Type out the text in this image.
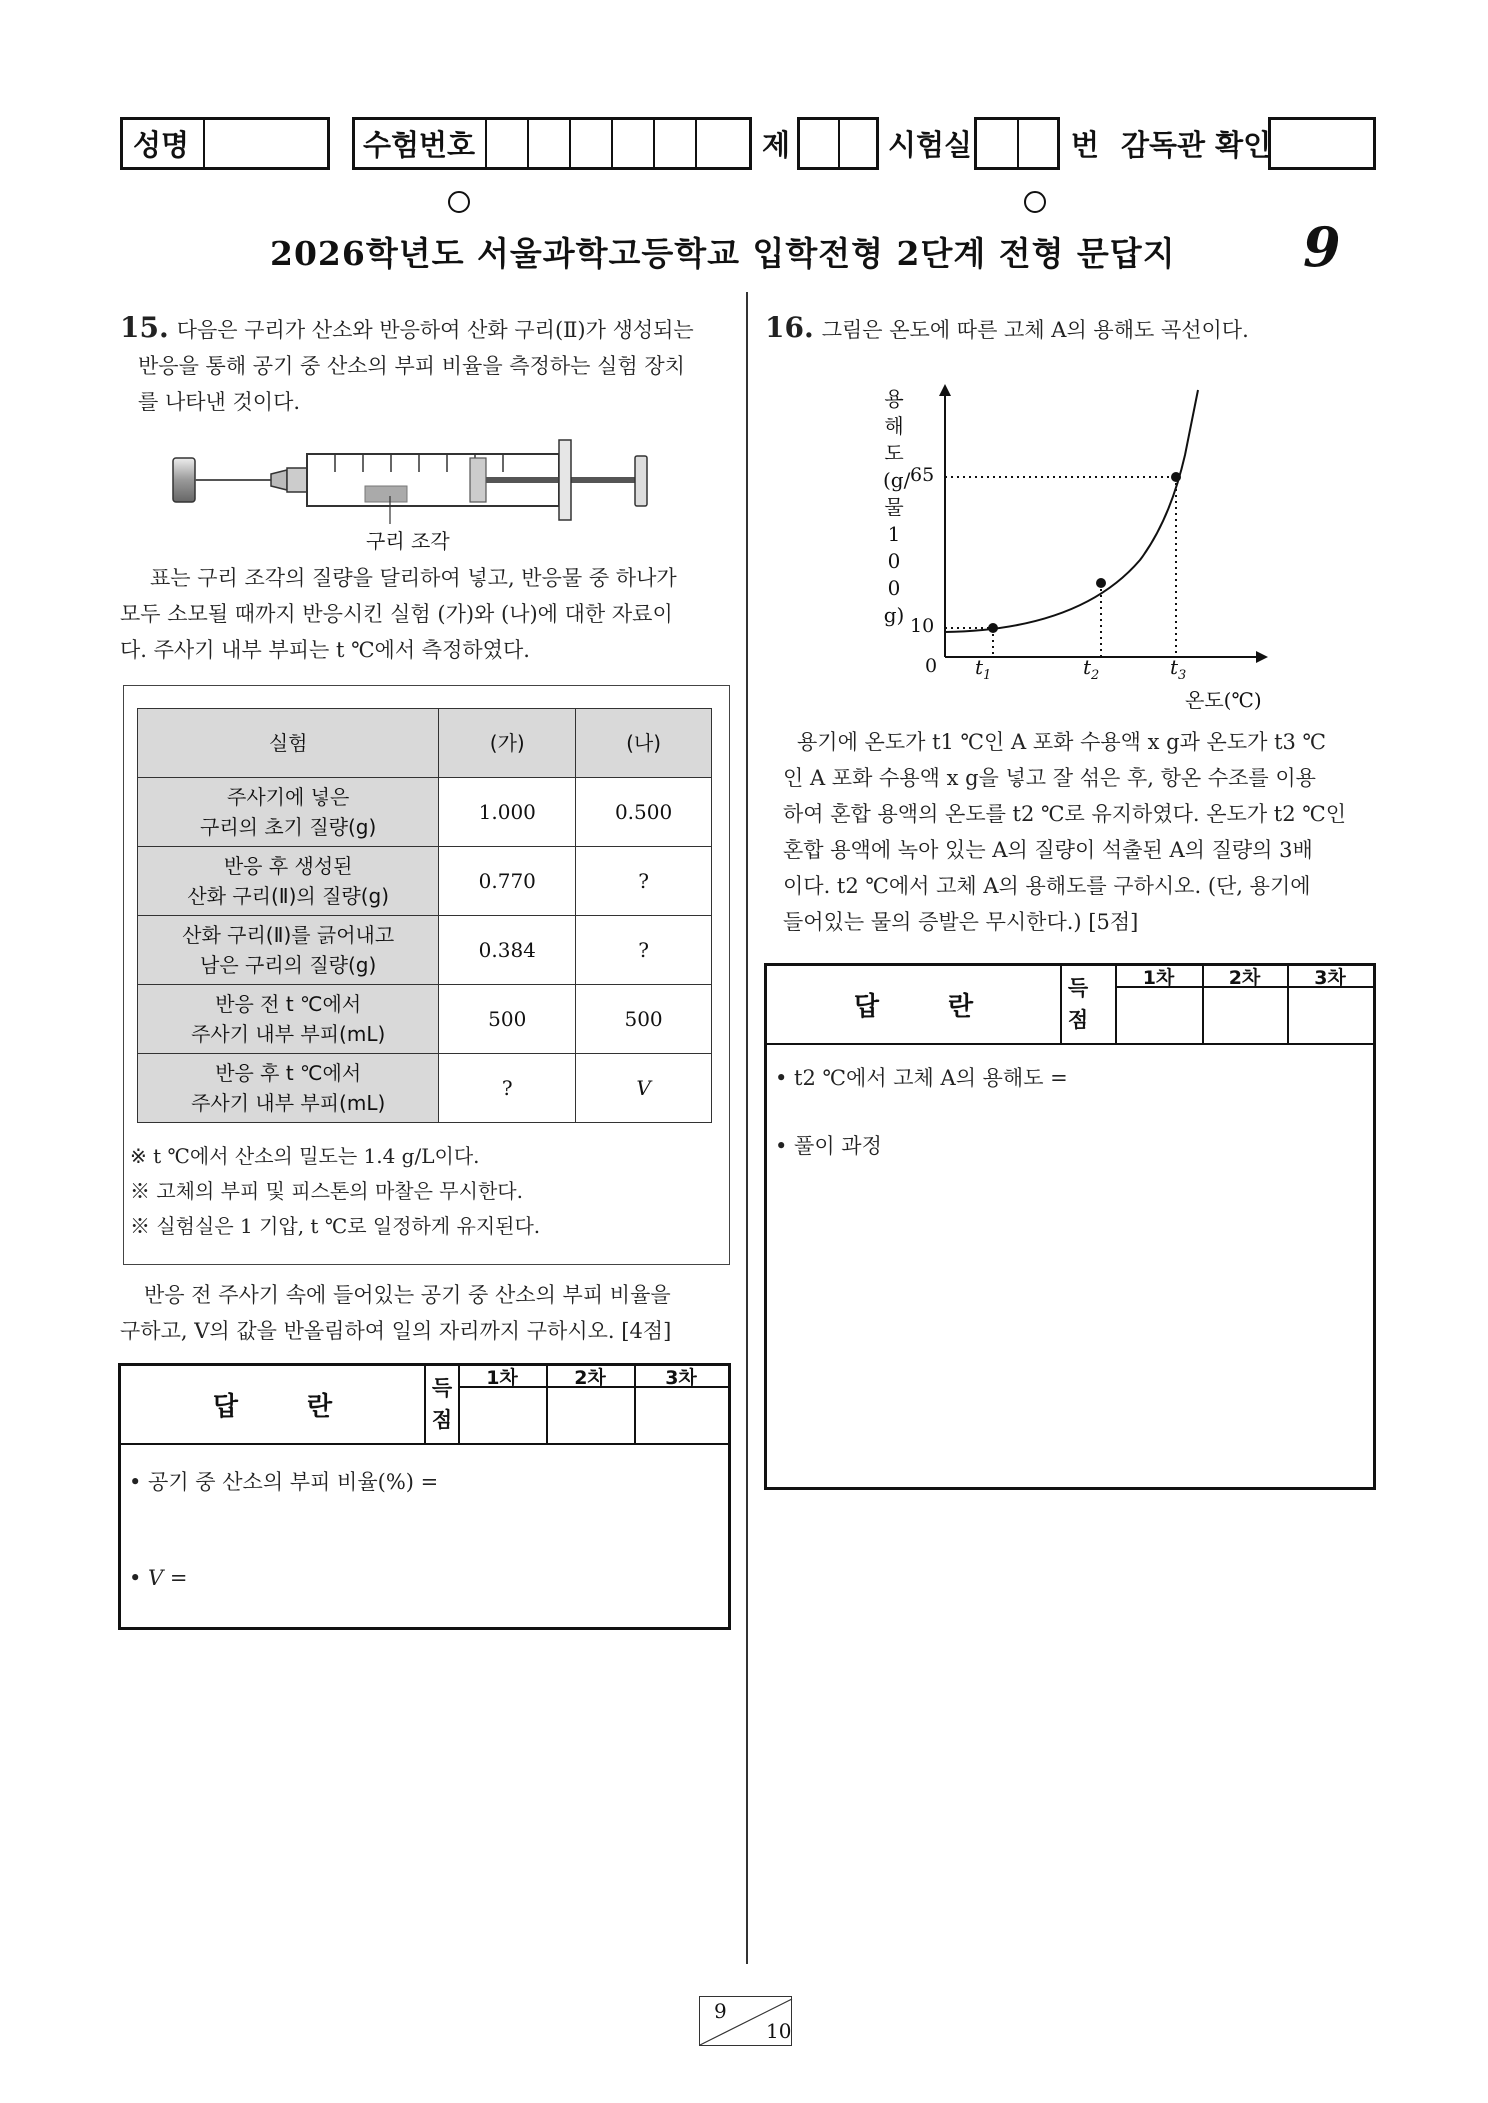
성명	수험번호	제	시험실	번 감독관 확인
2026학년도 서울과학고등학교 입학전형 2단계 전형 문답지 9
15. 다음은 구리가 산소와 반응하여 산화 구리(Ⅱ)가 생성되는
반응을 통해 공기 중 산소의 부피 비율을 측정하는 실험 장치
를 나타낸 것이다.
구리 조각
표는 구리 조각의 질량을 달리하여 넣고, 반응물 중 하나가
모두 소모될 때까지 반응시킨 실험 (가)와 (나)에 대한 자료이
다. 주사기 내부 부피는 t ℃에서 측정하였다.
실험	(가)	(나)

주사기에 넣은
구리의 초기 질량(g)	1.000	0.500

반응 후 생성된
산화 구리(Ⅱ)의 질량(g)	0.770	?

산화 구리(Ⅱ)를 긁어내고
남은 구리의 질량(g)	0.384	?

반응 전 t ℃에서
주사기 내부 부피(mL)	500	500

반응 후 t ℃에서
주사기 내부 부피(mL)	?	V
※ t ℃에서 산소의 밀도는 1.4 g/L이다.
※ 고체의 부피 및 피스톤의 마찰은 무시한다.
※ 실험실은 1 기압, t ℃로 일정하게 유지된다.
반응 전 주사기 속에 들어있는 공기 중 산소의 부피 비율을
구하고, V의 값을 반올림하여 일의 자리까지 구하시오. [4점]
답 란
득점
1차	2차	3차
• 공기 중 산소의 부피 비율(%) =
• V =
16. 그림은 온도에 따른 고체 A의 용해도 곡선이다.
용해도(g/물 100 g)
65
10
0 $t_1$	$t_2$	$t_3$
온도(℃)
용기에 온도가 t1 ℃인 A 포화 수용액 x g과 온도가 t3 ℃
인 A 포화 수용액 x g을 넣고 잘 섞은 후, 항온 수조를 이용
하여 혼합 용액의 온도를 t2 ℃로 유지하였다. 온도가 t2 ℃인
혼합 용액에 녹아 있는 A의 질량이 석출된 A의 질량의 3배
이다. t2 ℃에서 고체 A의 용해도를 구하시오. (단, 용기에
들어있는 물의 증발은 무시한다.) [5점]
답 란
득점
1차	2차	3차
• t2 ℃에서 고체 A의 용해도 =
• 풀이 과정
9
10
